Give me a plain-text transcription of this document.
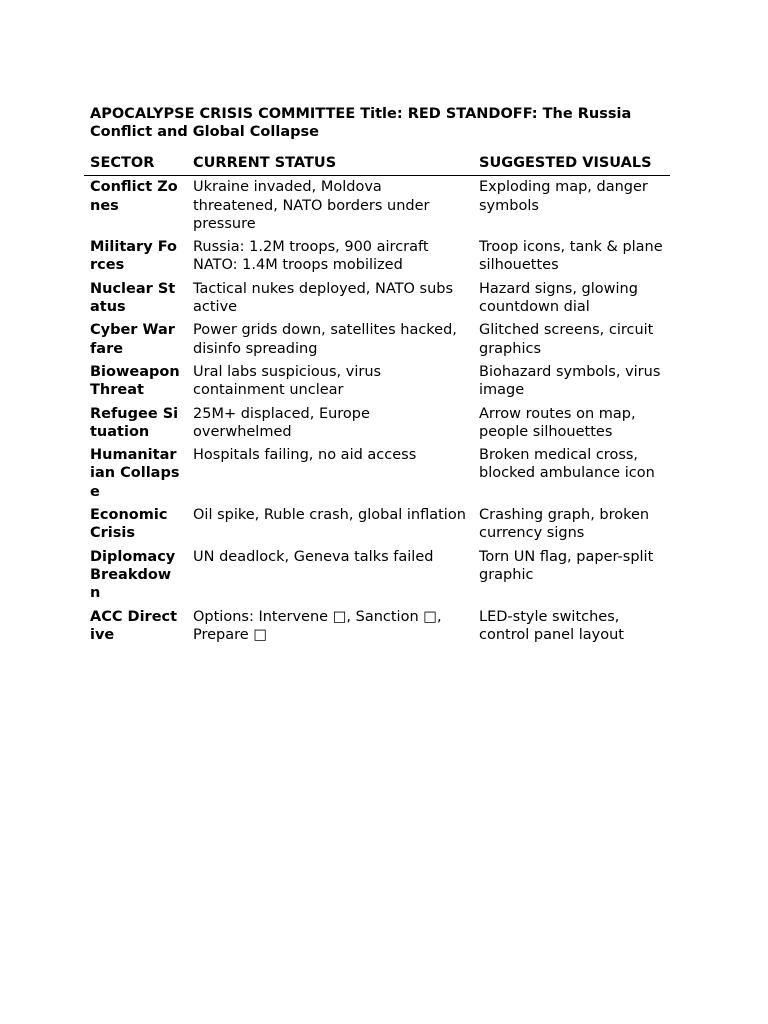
APOCALYPSE CRISIS COMMITTEE Title: RED STANDOFF: The Russia Conflict and Global Collapse

SECTOR	CURRENT STATUS	SUGGESTED VISUALS
Conflict Zones	Ukraine invaded, Moldova threatened, NATO borders under pressure	Exploding map, danger symbols
Military Forces	Russia: 1.2M troops, 900 aircraft NATO: 1.4M troops mobilized	Troop icons, tank & plane silhouettes
Nuclear Status	Tactical nukes deployed, NATO subs active	Hazard signs, glowing countdown dial
Cyber Warfare	Power grids down, satellites hacked, disinfo spreading	Glitched screens, circuit graphics
Bioweapon Threat	Ural labs suspicious, virus containment unclear	Biohazard symbols, virus image
Refugee Situation	25M+ displaced, Europe overwhelmed	Arrow routes on map, people silhouettes
Humanitarian Collapse	Hospitals failing, no aid access	Broken medical cross, blocked ambulance icon
Economic Crisis	Oil spike, Ruble crash, global inflation	Crashing graph, broken currency signs
Diplomacy Breakdown	UN deadlock, Geneva talks failed	Torn UN flag, paper-split graphic
ACC Directive	Options: Intervene □, Sanction □, Prepare □	LED-style switches, control panel layout
